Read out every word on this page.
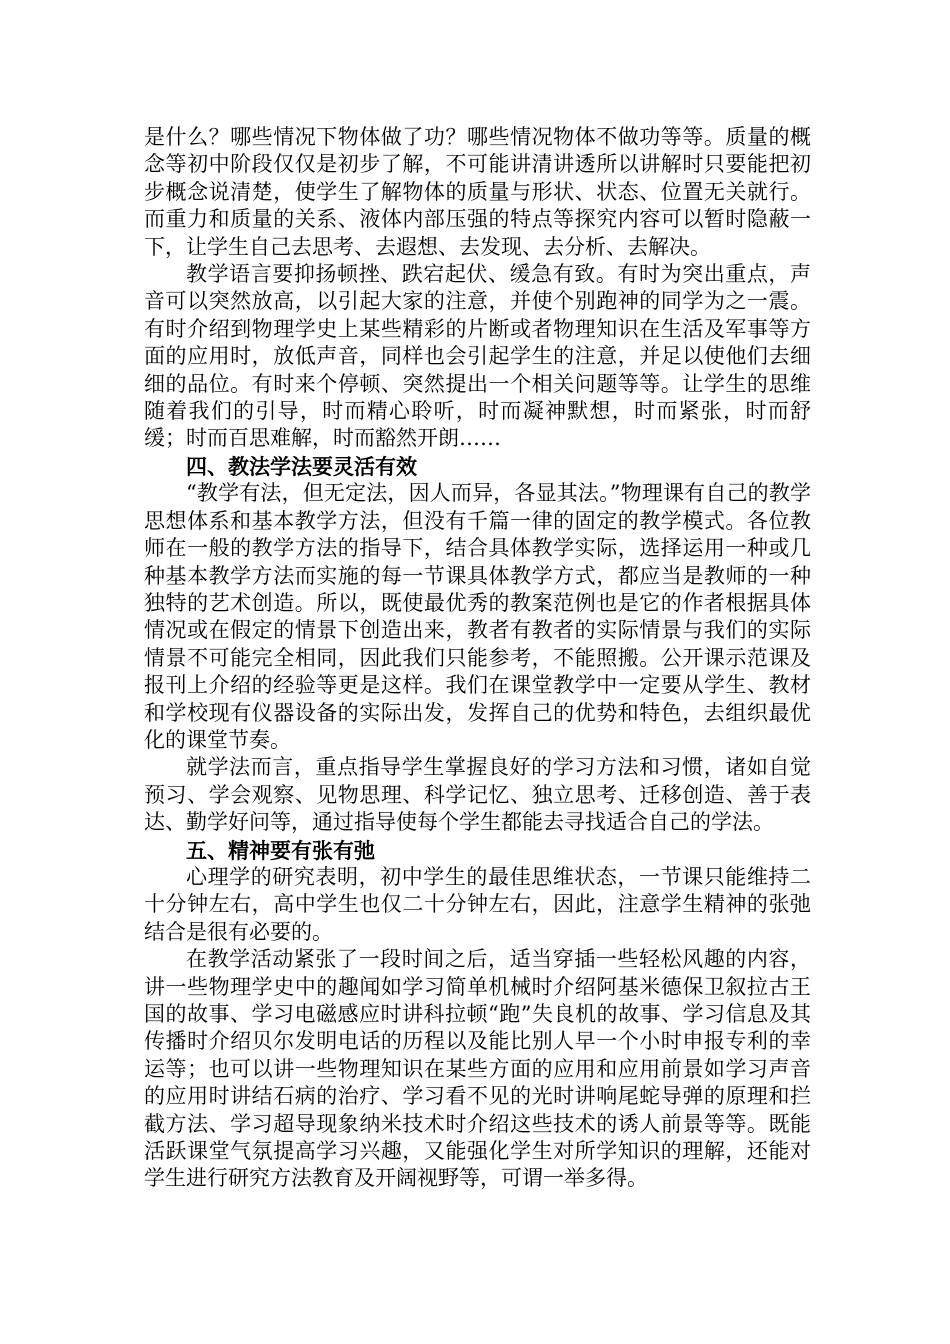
是什么？哪些情况下物体做了功？哪些情况物体不做功等等。质量的概念等初中阶段仅仅是初步了解，不可能讲清讲透所以讲解时只要能把初步概念说清楚，使学生了解物体的质量与形状、状态、位置无关就行。而重力和质量的关系、液体内部压强的特点等探究内容可以暂时隐蔽一下，让学生自己去思考、去遐想、去发现、去分析、去解决。

教学语言要抑扬顿挫、跌宕起伏、缓急有致。有时为突出重点，声音可以突然放高，以引起大家的注意，并使个别跑神的同学为之一震。有时介绍到物理学史上某些精彩的片断或者物理知识在生活及军事等方面的应用时，放低声音，同样也会引起学生的注意，并足以使他们去细细的品位。有时来个停顿、突然提出一个相关问题等等。让学生的思维随着我们的引导，时而精心聆听，时而凝神默想，时而紧张，时而舒缓；时而百思难解，时而豁然开朗……

四、教法学法要灵活有效

“教学有法，但无定法，因人而异，各显其法。”物理课有自己的教学思想体系和基本教学方法，但没有千篇一律的固定的教学模式。各位教师在一般的教学方法的指导下，结合具体教学实际，选择运用一种或几种基本教学方法而实施的每一节课具体教学方式，都应当是教师的一种独特的艺术创造。所以，既使最优秀的教案范例也是它的作者根据具体情况或在假定的情景下创造出来，教者有教者的实际情景与我们的实际情景不可能完全相同，因此我们只能参考，不能照搬。公开课示范课及报刊上介绍的经验等更是这样。我们在课堂教学中一定要从学生、教材和学校现有仪器设备的实际出发，发挥自己的优势和特色，去组织最优化的课堂节奏。

就学法而言，重点指导学生掌握良好的学习方法和习惯，诸如自觉预习、学会观察、见物思理、科学记忆、独立思考、迁移创造、善于表达、勤学好问等，通过指导使每个学生都能去寻找适合自己的学法。

五、精神要有张有弛

心理学的研究表明，初中学生的最佳思维状态，一节课只能维持二十分钟左右，高中学生也仅二十分钟左右，因此，注意学生精神的张弛结合是很有必要的。

在教学活动紧张了一段时间之后，适当穿插一些轻松风趣的内容，讲一些物理学史中的趣闻如学习简单机械时介绍阿基米德保卫叙拉古王国的故事、学习电磁感应时讲科拉顿“跑”失良机的故事、学习信息及其传播时介绍贝尔发明电话的历程以及能比别人早一个小时申报专利的幸运等；也可以讲一些物理知识在某些方面的应用和应用前景如学习声音的应用时讲结石病的治疗、学习看不见的光时讲响尾蛇导弹的原理和拦截方法、学习超导现象纳米技术时介绍这些技术的诱人前景等等。既能活跃课堂气氛提高学习兴趣，又能强化学生对所学知识的理解，还能对学生进行研究方法教育及开阔视野等，可谓一举多得。
